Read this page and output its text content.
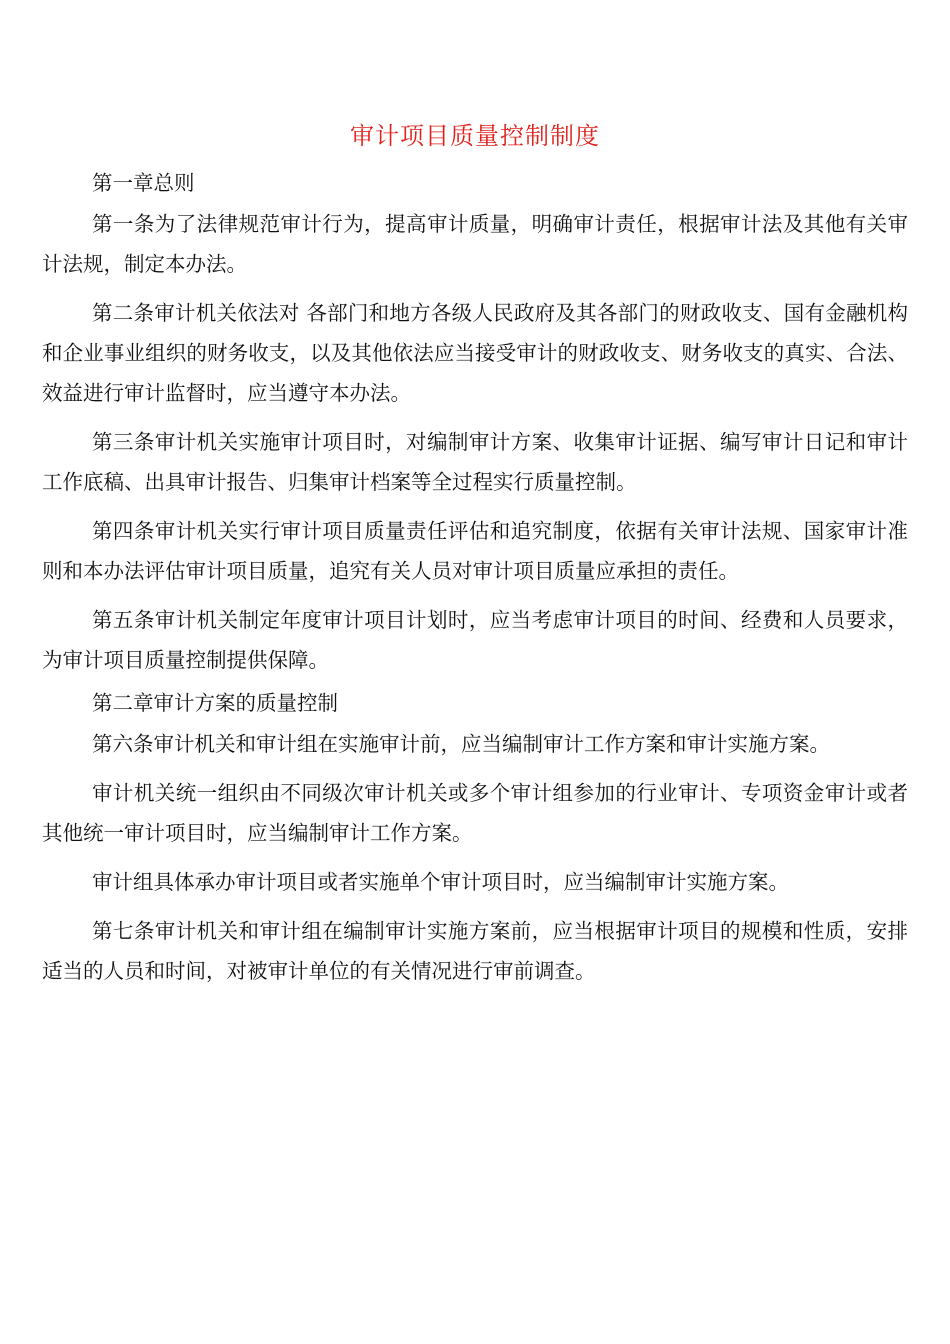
审计项目质量控制制度

第一章总则

第一条为了法律规范审计行为，提高审计质量，明确审计责任，根据审计法及其他有关审计法规，制定本办法。

第二条审计机关依法对 各部门和地方各级人民政府及其各部门的财政收支、国有金融机构和企业事业组织的财务收支，以及其他依法应当接受审计的财政收支、财务收支的真实、合法、效益进行审计监督时，应当遵守本办法。

第三条审计机关实施审计项目时，对编制审计方案、收集审计证据、编写审计日记和审计工作底稿、出具审计报告、归集审计档案等全过程实行质量控制。

第四条审计机关实行审计项目质量责任评估和追究制度，依据有关审计法规、国家审计准则和本办法评估审计项目质量，追究有关人员对审计项目质量应承担的责任。

第五条审计机关制定年度审计项目计划时，应当考虑审计项目的时间、经费和人员要求，为审计项目质量控制提供保障。

第二章审计方案的质量控制

第六条审计机关和审计组在实施审计前，应当编制审计工作方案和审计实施方案。

审计机关统一组织由不同级次审计机关或多个审计组参加的行业审计、专项资金审计或者其他统一审计项目时，应当编制审计工作方案。

审计组具体承办审计项目或者实施单个审计项目时，应当编制审计实施方案。

第七条审计机关和审计组在编制审计实施方案前，应当根据审计项目的规模和性质，安排适当的人员和时间，对被审计单位的有关情况进行审前调查。
